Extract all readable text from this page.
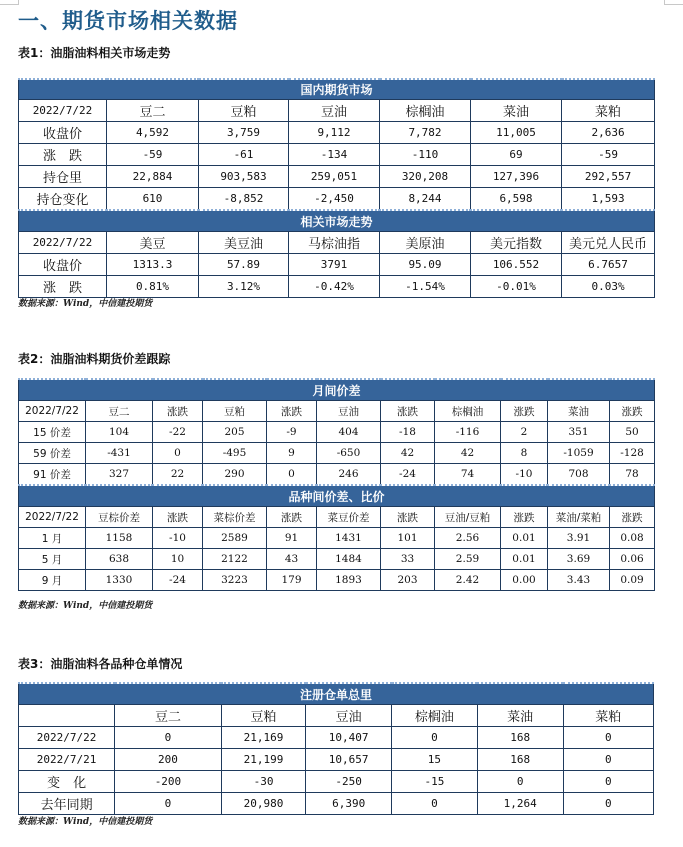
一、期货市场相关数据
表1：油脂油料相关市场走势
国内期货市场						
2022/7/22	豆二	豆粕	豆油	棕榈油	菜油	菜粕
收盘价	4,592	3,759	9,112	7,782	11,005	2,636
涨　跌	-59	-61	-134	-110	69	-59
持仓里	22,884	903,583	259,051	320,208	127,396	292,557
持仓变化	610	-8,852	-2,450	8,244	6,598	1,593
相关市场走势						
2022/7/22	美豆	美豆油	马棕油指	美原油	美元指数	美元兑人民币
收盘价	1313.3	57.89	3791	95.09	106.552	6.7657
涨　跌	0.81%	3.12%	-0.42%	-1.54%	-0.01%	0.03%
数据来源：Wind，中信建投期货
表2：油脂油料期货价差跟踪
月间价差										
2022/7/22	豆二	涨跌	豆粕	涨跌	豆油	涨跌	棕榈油	涨跌	菜油	涨跌
15 价差	104	-22	205	-9	404	-18	-116	2	351	50
59 价差	-431	0	-495	9	-650	42	42	8	-1059	-128
91 价差	327	22	290	0	246	-24	74	-10	708	78
品种间价差、比价										
2022/7/22	豆棕价差	涨跌	菜棕价差	涨跌	菜豆价差	涨跌	豆油/豆粕	涨跌	菜油/菜粕	涨跌
1 月	1158	-10	2589	91	1431	101	2.56	0.01	3.91	0.08
5 月	638	10	2122	43	1484	33	2.59	0.01	3.69	0.06
9 月	1330	-24	3223	179	1893	203	2.42	0.00	3.43	0.09
数据来源：Wind，中信建投期货
表3：油脂油料各品种仓单情况
注册仓单总里						
	豆二	豆粕	豆油	棕榈油	菜油	菜粕
2022/7/22	0	21,169	10,407	0	168	0
2022/7/21	200	21,199	10,657	15	168	0
变　化	-200	-30	-250	-15	0	0
去年同期	0	20,980	6,390	0	1,264	0
数据来源：Wind，中信建投期货
